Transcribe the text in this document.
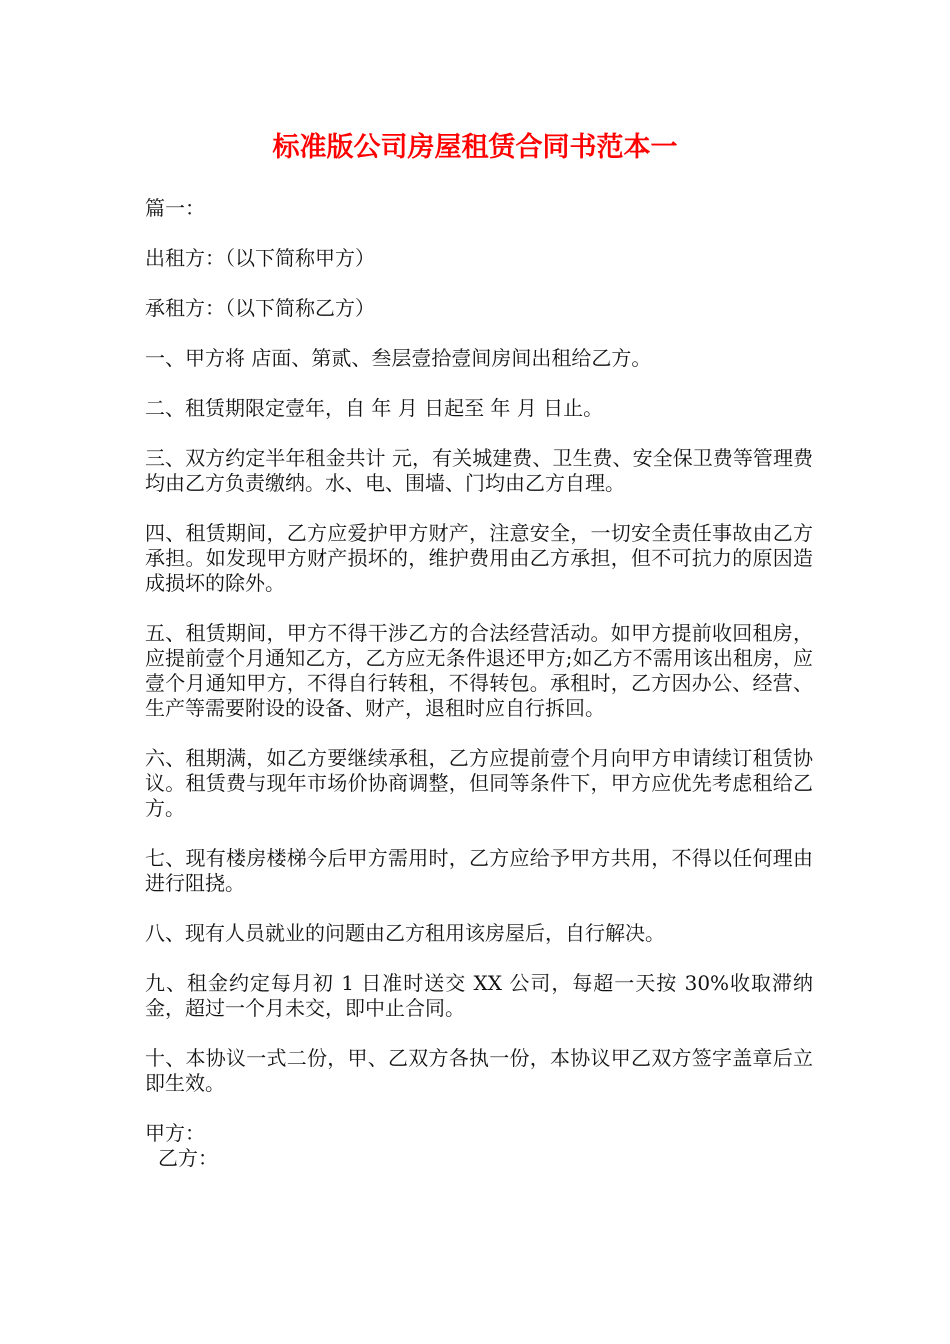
标准版公司房屋租赁合同书范本一

篇一：

出租方：（以下简称甲方）

承租方：（以下简称乙方）

一、甲方将 店面、第贰、叁层壹拾壹间房间出租给乙方。

二、租赁期限定壹年，自 年 月 日起至 年 月 日止。

三、双方约定半年租金共计 元，有关城建费、卫生费、安全保卫费等管理费均由乙方负责缴纳。水、电、围墙、门均由乙方自理。

四、租赁期间，乙方应爱护甲方财产，注意安全，一切安全责任事故由乙方承担。如发现甲方财产损坏的，维护费用由乙方承担，但不可抗力的原因造成损坏的除外。

五、租赁期间，甲方不得干涉乙方的合法经营活动。如甲方提前收回租房，应提前壹个月通知乙方，乙方应无条件退还甲方;如乙方不需用该出租房，应壹个月通知甲方，不得自行转租，不得转包。承租时，乙方因办公、经营、生产等需要附设的设备、财产，退租时应自行拆回。

六、租期满，如乙方要继续承租，乙方应提前壹个月向甲方申请续订租赁协议。租赁费与现年市场价协商调整，但同等条件下，甲方应优先考虑租给乙方。

七、现有楼房楼梯今后甲方需用时，乙方应给予甲方共用，不得以任何理由进行阻挠。

八、现有人员就业的问题由乙方租用该房屋后，自行解决。

九、租金约定每月初 1 日准时送交 XX 公司，每超一天按 30%收取滞纳金，超过一个月未交，即中止合同。

十、本协议一式二份，甲、乙双方各执一份，本协议甲乙双方签字盖章后立即生效。

甲方：

乙方：
